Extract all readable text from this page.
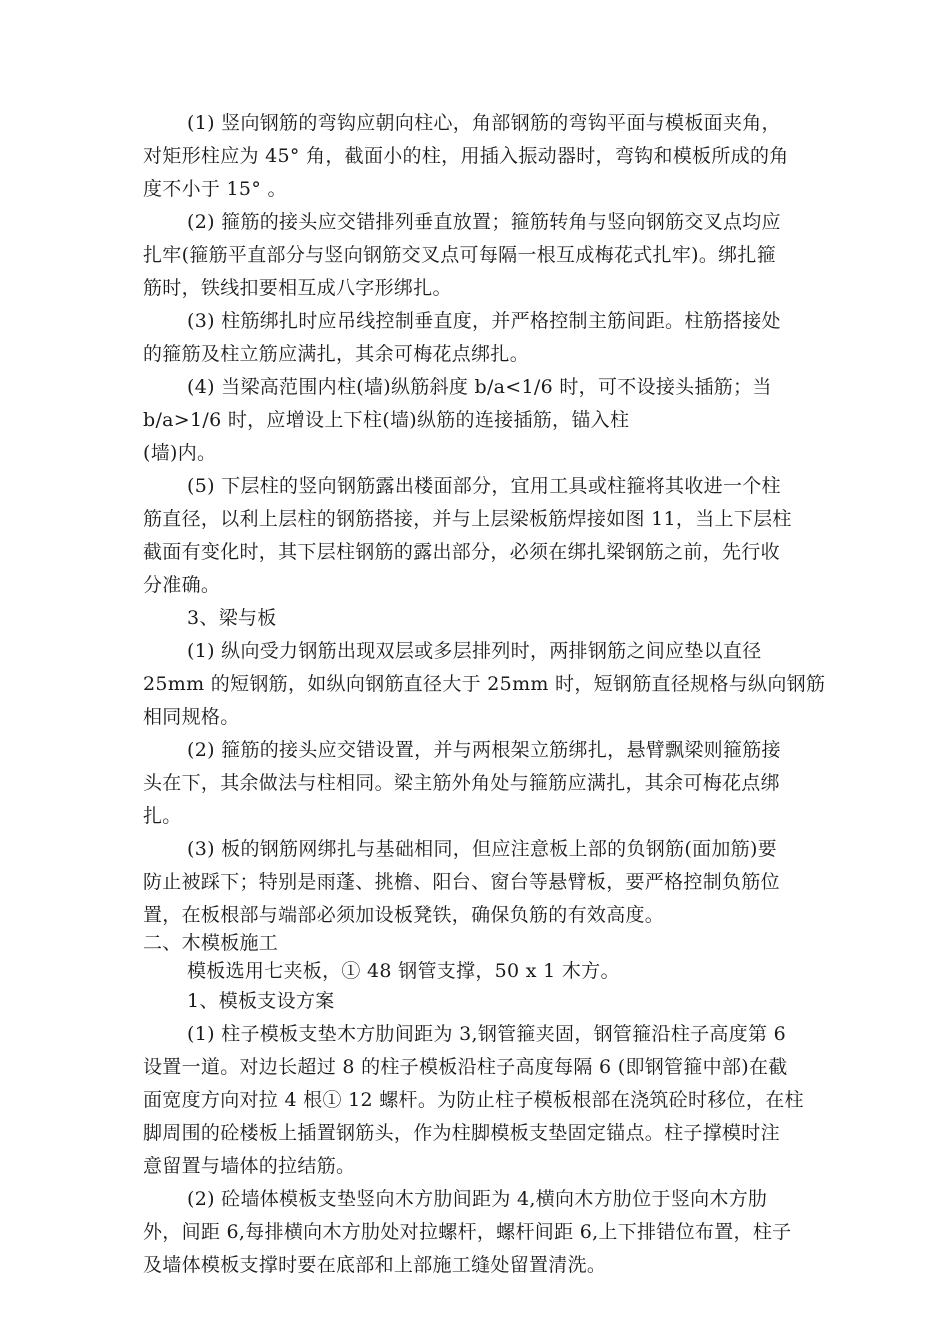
(1) 竖向钢筋的弯钩应朝向柱心，角部钢筋的弯钩平面与模板面夹角，
对矩形柱应为 45° 角，截面小的柱，用插入振动器时，弯钩和模板所成的角
度不小于 15° 。
(2) 箍筋的接头应交错排列垂直放置；箍筋转角与竖向钢筋交叉点均应
扎牢(箍筋平直部分与竖向钢筋交叉点可每隔一根互成梅花式扎牢)。绑扎箍
筋时，铁线扣要相互成八字形绑扎。
(3) 柱筋绑扎时应吊线控制垂直度，并严格控制主筋间距。柱筋搭接处
的箍筋及柱立筋应满扎，其余可梅花点绑扎。
(4) 当梁高范围内柱(墙)纵筋斜度 b/a<1/6 时，可不设接头插筋；当
b/a>1/6 时，应增设上下柱(墙)纵筋的连接插筋，锚入柱
(墙)内。
(5) 下层柱的竖向钢筋露出楼面部分，宜用工具或柱箍将其收进一个柱
筋直径，以利上层柱的钢筋搭接，并与上层梁板筋焊接如图 11，当上下层柱
截面有变化时，其下层柱钢筋的露出部分，必须在绑扎梁钢筋之前，先行收
分准确。
3、梁与板
(1) 纵向受力钢筋出现双层或多层排列时，两排钢筋之间应垫以直径
25mm 的短钢筋，如纵向钢筋直径大于 25mm 时，短钢筋直径规格与纵向钢筋
相同规格。
(2) 箍筋的接头应交错设置，并与两根架立筋绑扎，悬臂飘梁则箍筋接
头在下，其余做法与柱相同。梁主筋外角处与箍筋应满扎，其余可梅花点绑
扎。
(3) 板的钢筋网绑扎与基础相同，但应注意板上部的负钢筋(面加筋)要
防止被踩下；特别是雨蓬、挑檐、阳台、窗台等悬臂板，要严格控制负筋位
置，在板根部与端部必须加设板凳铁，确保负筋的有效高度。
二、木模板施工
模板选用七夹板，① 48 钢管支撑，50 x 1 木方。
1、模板支设方案
(1) 柱子模板支垫木方肋间距为 3,钢管箍夹固，钢管箍沿柱子高度第 6
设置一道。对边长超过 8 的柱子模板沿柱子高度每隔 6 (即钢管箍中部)在截
面宽度方向对拉 4 根① 12 螺杆。为防止柱子模板根部在浇筑砼时移位，在柱
脚周围的砼楼板上插置钢筋头，作为柱脚模板支垫固定锚点。柱子撑模时注
意留置与墙体的拉结筋。
(2) 砼墙体模板支垫竖向木方肋间距为 4,横向木方肋位于竖向木方肋
外，间距 6,每排横向木方肋处对拉螺杆，螺杆间距 6,上下排错位布置，柱子
及墙体模板支撑时要在底部和上部施工缝处留置清洗。
